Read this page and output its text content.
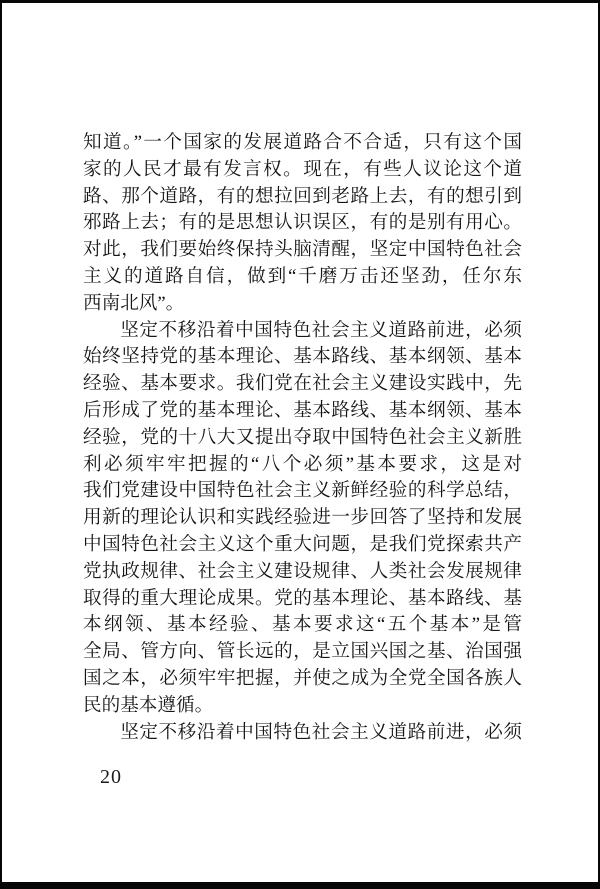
知道。”一个国家的发展道路合不合适，只有这个国
家的人民才最有发言权。现在，有些人议论这个道
路、那个道路，有的想拉回到老路上去，有的想引到
邪路上去；有的是思想认识误区，有的是别有用心。
对此，我们要始终保持头脑清醒，坚定中国特色社会
主义的道路自信，做到“千磨万击还坚劲，任尔东
西南北风”。
坚定不移沿着中国特色社会主义道路前进，必须
始终坚持党的基本理论、基本路线、基本纲领、基本
经验、基本要求。我们党在社会主义建设实践中，先
后形成了党的基本理论、基本路线、基本纲领、基本
经验，党的十八大又提出夺取中国特色社会主义新胜
利必须牢牢把握的“八个必须”基本要求，这是对
我们党建设中国特色社会主义新鲜经验的科学总结，
用新的理论认识和实践经验进一步回答了坚持和发展
中国特色社会主义这个重大问题，是我们党探索共产
党执政规律、社会主义建设规律、人类社会发展规律
取得的重大理论成果。党的基本理论、基本路线、基
本纲领、基本经验、基本要求这“五个基本”是管
全局、管方向、管长远的，是立国兴国之基、治国强
国之本，必须牢牢把握，并使之成为全党全国各族人
民的基本遵循。
坚定不移沿着中国特色社会主义道路前进，必须
20
